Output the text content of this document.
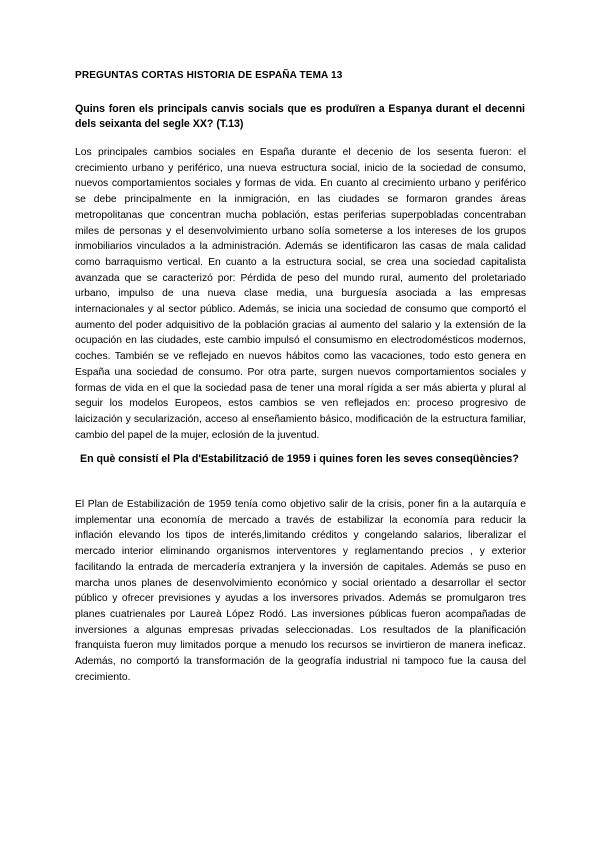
PREGUNTAS CORTAS HISTORIA DE ESPAÑA TEMA 13

Quins foren els principals canvis socials que es produïren a Espanya durant el decenni dels seixanta del segle XX? (T.13)

Los principales cambios sociales en España durante el decenio de los sesenta fueron: el crecimiento urbano y periférico, una nueva estructura social, inicio de la sociedad de consumo, nuevos comportamientos sociales y formas de vida. En cuanto al crecimiento urbano y periférico se debe principalmente en la inmigración, en las ciudades se formaron grandes áreas metropolitanas que concentran mucha población, estas periferias superpobladas concentraban miles de personas y el desenvolvimiento urbano solía someterse a los intereses de los grupos inmobiliarios vinculados a la administración. Además se identificaron las casas de mala calidad como barraquismo vertical. En cuanto a la estructura social, se crea una sociedad capitalista avanzada que se caracterizó por: Pérdida de peso del mundo rural, aumento del proletariado urbano, impulso de una nueva clase media, una burguesía asociada a las empresas internacionales y al sector público. Además, se inicia una sociedad de consumo que comportó el aumento del poder adquisitivo de la población gracias al aumento del salario y la extensión de la ocupación en las ciudades, este cambio impulsó el consumismo en electrodomésticos modernos, coches. También se ve reflejado en nuevos hábitos como las vacaciones, todo esto genera en España una sociedad de consumo. Por otra parte, surgen nuevos comportamientos sociales y formas de vida en el que la sociedad pasa de tener una moral rígida a ser más abierta y plural al seguir los modelos Europeos, estos cambios se ven reflejados en: proceso progresivo de laicización y secularización, acceso al enseñamiento básico, modificación de la estructura familiar, cambio del papel de la mujer, eclosión de la juventud.

En què consistí el Pla d'Estabilització de 1959 i quines foren les seves conseqüències?

El Plan de Estabilización de 1959 tenía como objetivo salir de la crisis, poner fin a la autarquía e implementar una economía de mercado a través de estabilizar la economía para reducir la inflación elevando los tipos de interés,limitando créditos y congelando salarios, liberalizar el mercado interior eliminando organismos interventores y reglamentando precios , y exterior facilitando la entrada de mercadería extranjera y la inversión de capitales. Además se puso en marcha unos planes de desenvolvimiento económico y social orientado a desarrollar el sector público y ofrecer previsiones y ayudas a los inversores privados. Además se promulgaron tres planes cuatrienales por Laureà López Rodó. Las inversiones públicas fueron acompañadas de inversiones a algunas empresas privadas seleccionadas. Los resultados de la planificación franquista fueron muy limitados porque a menudo los recursos se invirtieron de manera ineficaz. Además, no comportó la transformación de la geografía industrial ni tampoco fue la causa del crecimiento.
